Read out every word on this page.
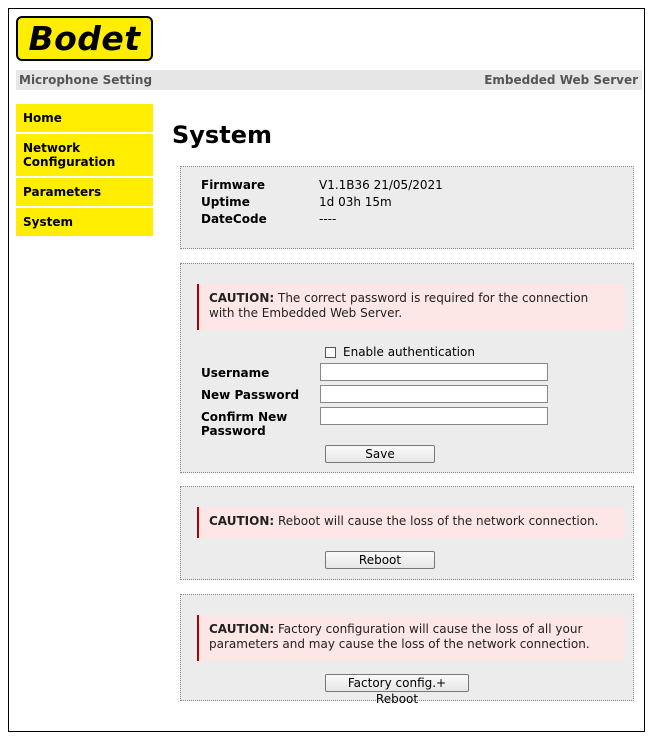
Bodet
Microphone Setting	Embedded Web Server
Home
Network
Configuration
Parameters
System
System
Firmware	V1.1B36 21/05/2021
Uptime	1d 03h 15m
DateCode	----
CAUTION: The correct password is required for the connection with the Embedded Web Server.
Enable authentication
Username
New Password
Confirm New Password
Save
CAUTION: Reboot will cause the loss of the network connection.
Reboot
CAUTION: Factory configuration will cause the loss of all your parameters and may cause the loss of the network connection.
Factory config.+ Reboot
